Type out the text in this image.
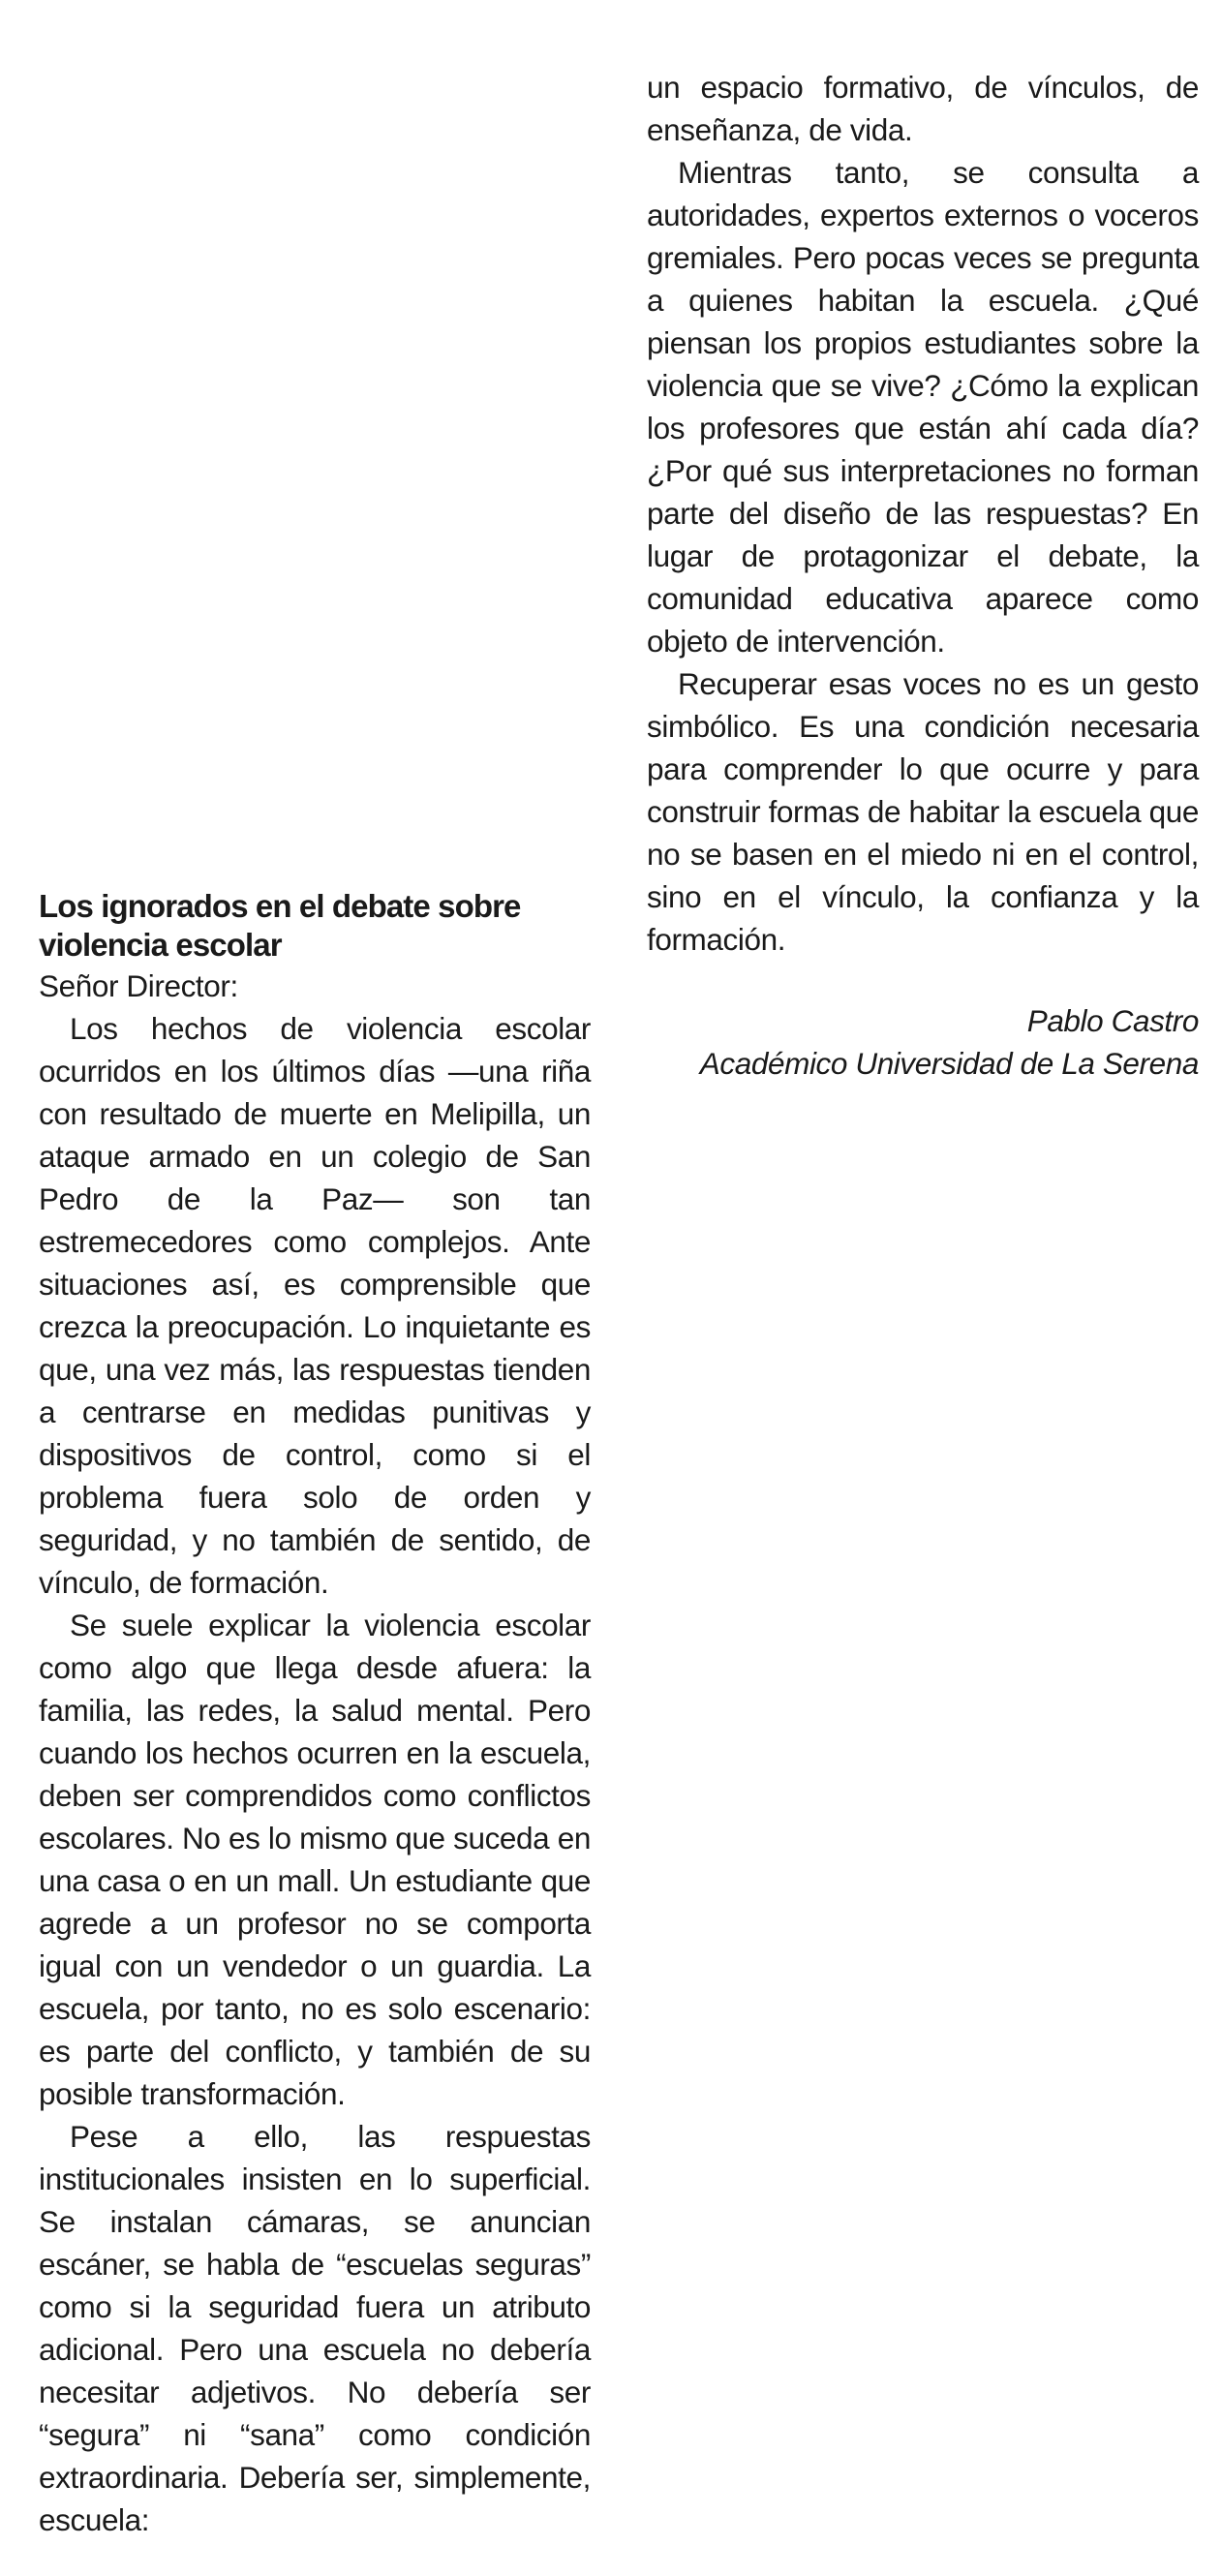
un espacio formativo, de vínculos, de enseñanza, de vida.

Mientras tanto, se consulta a autoridades, expertos externos o voceros gremiales. Pero pocas veces se pregunta a quienes habitan la escuela. ¿Qué piensan los propios estudiantes sobre la violencia que se vive? ¿Cómo la explican los profesores que están ahí cada día? ¿Por qué sus interpretaciones no forman parte del diseño de las respuestas? En lugar de protagonizar el debate, la comunidad educativa aparece como objeto de intervención.

Recuperar esas voces no es un gesto simbólico. Es una condición necesaria para comprender lo que ocurre y para construir formas de habitar la escuela que no se basen en el miedo ni en el control, sino en el vínculo, la confianza y la formación.

Pablo Castro
Académico Universidad de La Serena
Los ignorados en el debate sobre violencia escolar

Señor Director:

Los hechos de violencia escolar ocurridos en los últimos días —una riña con resultado de muerte en Melipilla, un ataque armado en un colegio de San Pedro de la Paz— son tan estremecedores como complejos. Ante situaciones así, es comprensible que crezca la preocupación. Lo inquietante es que, una vez más, las respuestas tienden a centrarse en medidas punitivas y dispositivos de control, como si el problema fuera solo de orden y seguridad, y no también de sentido, de vínculo, de formación.

Se suele explicar la violencia escolar como algo que llega desde afuera: la familia, las redes, la salud mental. Pero cuando los hechos ocurren en la escuela, deben ser comprendidos como conflictos escolares. No es lo mismo que suceda en una casa o en un mall. Un estudiante que agrede a un profesor no se comporta igual con un vendedor o un guardia. La escuela, por tanto, no es solo escenario: es parte del conflicto, y también de su posible transformación.

Pese a ello, las respuestas institucionales insisten en lo superficial. Se instalan cámaras, se anuncian escáner, se habla de “escuelas seguras” como si la seguridad fuera un atributo adicional. Pero una escuela no debería necesitar adjetivos. No debería ser “segura” ni “sana” como condición extraordinaria. Debería ser, simplemente, escuela:
